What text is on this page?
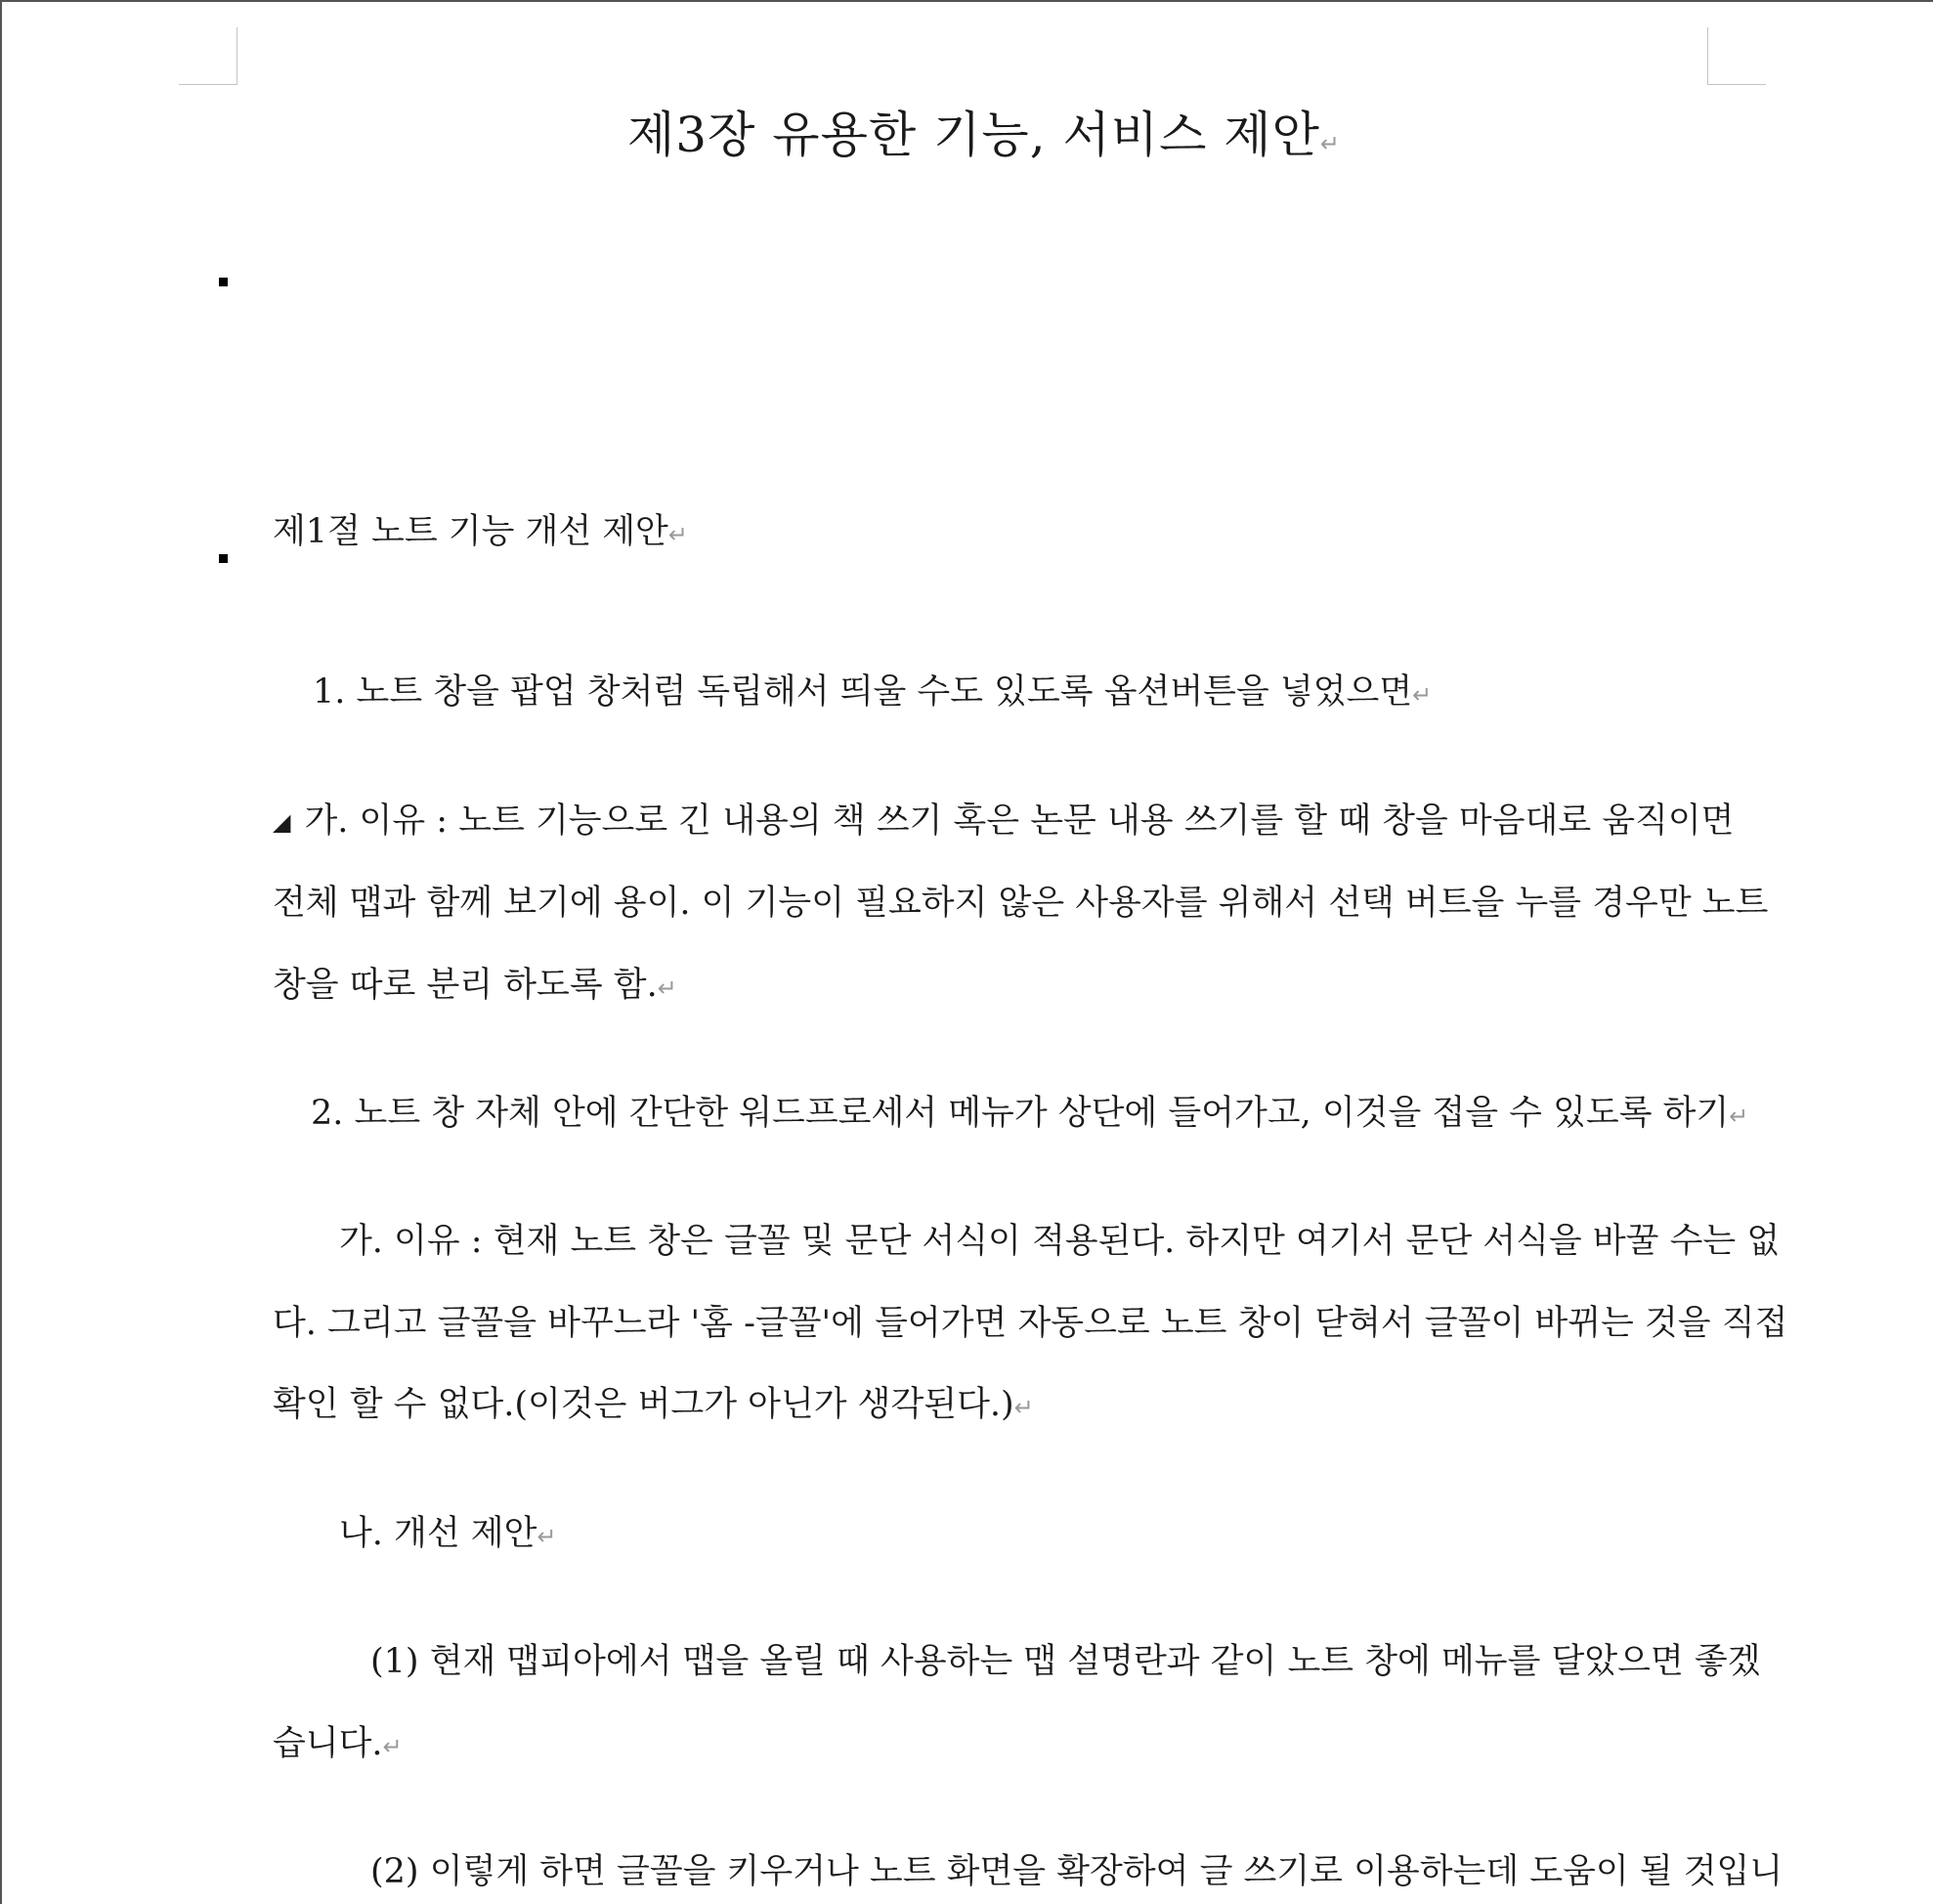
제3장 유용한 기능, 서비스 제안↵
제1절 노트 기능 개선 제안↵
1. 노트 창을 팝업 창처럼 독립해서 띄울 수도 있도록 옵션버튼을 넣었으면↵
◢ 가. 이유 : 노트 기능으로 긴 내용의 책 쓰기 혹은 논문 내용 쓰기를 할 때 창을 마음대로 움직이면
전체 맵과 함께 보기에 용이. 이 기능이 필요하지 않은 사용자를 위해서 선택 버트을 누를 경우만 노트
창을 따로 분리 하도록 함.↵
2. 노트 창 자체 안에 간단한 워드프로세서 메뉴가 상단에 들어가고, 이것을 접을 수 있도록 하기↵
가. 이유 : 현재 노트 창은 글꼴 및 문단 서식이 적용된다. 하지만 여기서 문단 서식을 바꿀 수는 없
다. 그리고 글꼴을 바꾸느라 '홈 -글꼴'에 들어가면 자동으로 노트 창이 닫혀서 글꼴이 바뀌는 것을 직접
확인 할 수 없다.(이것은 버그가 아닌가 생각된다.)↵
나. 개선 제안↵
(1) 현재 맵피아에서 맵을 올릴 때 사용하는 맵 설명란과 같이 노트 창에 메뉴를 달았으면 좋겠
습니다.↵
(2) 이렇게 하면 글꼴을 키우거나 노트 화면을 확장하여 글 쓰기로 이용하는데 도움이 될 것입니
